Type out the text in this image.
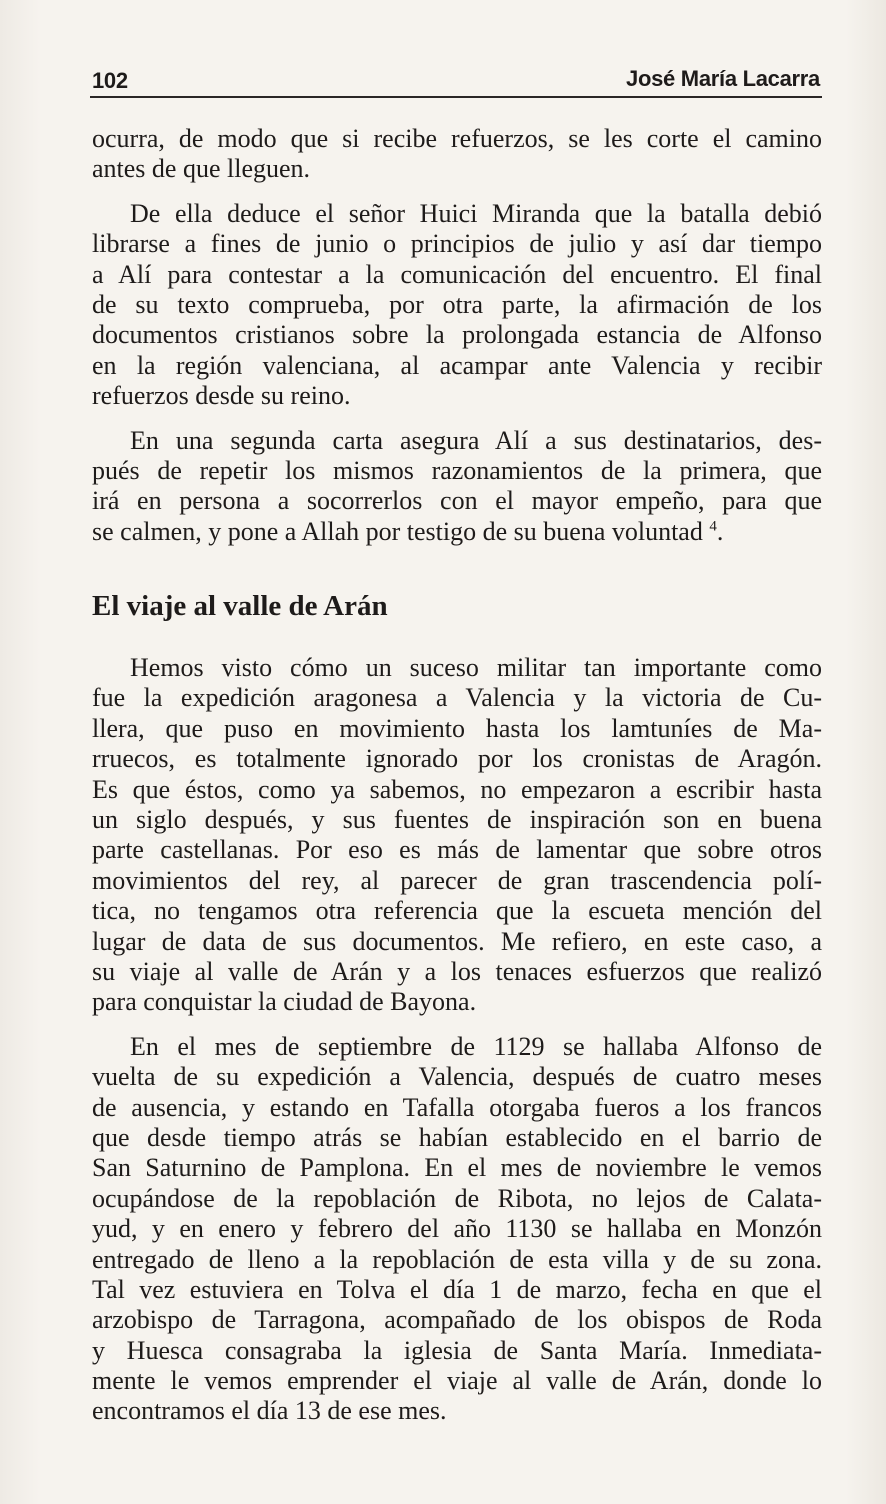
102	José María Lacarra
ocurra, de modo que si recibe refuerzos, se les corte el camino
antes de que lleguen.
De ella deduce el señor Huici Miranda que la batalla debió
librarse a fines de junio o principios de julio y así dar tiempo
a Alí para contestar a la comunicación del encuentro. El final
de su texto comprueba, por otra parte, la afirmación de los
documentos cristianos sobre la prolongada estancia de Alfonso
en la región valenciana, al acampar ante Valencia y recibir
refuerzos desde su reino.
En una segunda carta asegura Alí a sus destinatarios, des-
pués de repetir los mismos razonamientos de la primera, que
irá en persona a socorrerlos con el mayor empeño, para que
se calmen, y pone a Allah por testigo de su buena voluntad $^4$.
El viaje al valle de Arán
Hemos visto cómo un suceso militar tan importante como
fue la expedición aragonesa a Valencia y la victoria de Cu-
llera, que puso en movimiento hasta los lamtuníes de Ma-
rruecos, es totalmente ignorado por los cronistas de Aragón.
Es que éstos, como ya sabemos, no empezaron a escribir hasta
un siglo después, y sus fuentes de inspiración son en buena
parte castellanas. Por eso es más de lamentar que sobre otros
movimientos del rey, al parecer de gran trascendencia polí-
tica, no tengamos otra referencia que la escueta mención del
lugar de data de sus documentos. Me refiero, en este caso, a
su viaje al valle de Arán y a los tenaces esfuerzos que realizó
para conquistar la ciudad de Bayona.
En el mes de septiembre de 1129 se hallaba Alfonso de
vuelta de su expedición a Valencia, después de cuatro meses
de ausencia, y estando en Tafalla otorgaba fueros a los francos
que desde tiempo atrás se habían establecido en el barrio de
San Saturnino de Pamplona. En el mes de noviembre le vemos
ocupándose de la repoblación de Ribota, no lejos de Calata-
yud, y en enero y febrero del año 1130 se hallaba en Monzón
entregado de lleno a la repoblación de esta villa y de su zona.
Tal vez estuviera en Tolva el día 1 de marzo, fecha en que el
arzobispo de Tarragona, acompañado de los obispos de Roda
y Huesca consagraba la iglesia de Santa María. Inmediata-
mente le vemos emprender el viaje al valle de Arán, donde lo
encontramos el día 13 de ese mes.
